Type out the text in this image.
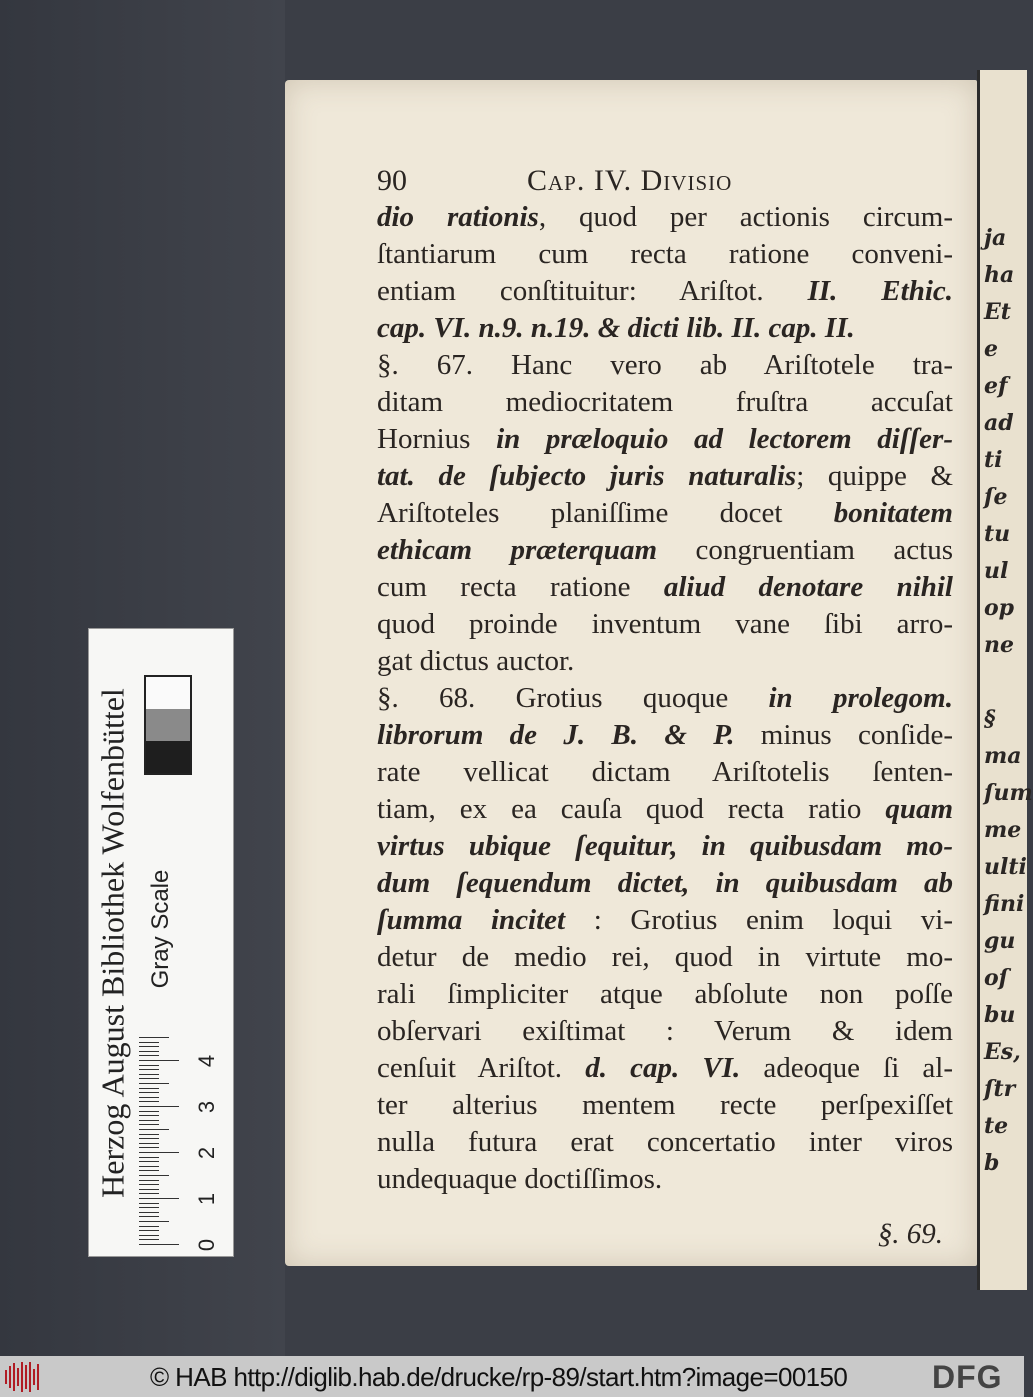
ja
ha
Et
e
ef
ad
ti
ſe
tu
ul
op
ne
§
ma
ſum
me
ulti
fini
gu
oſ
bu
Es,
ſtr
te
b
90	Cap. IV. Divisio
dio rationis, quod per actionis circum-
ſtantiarum cum recta ratione conveni-
entiam conſtituitur: Ariſtot. II. Ethic.
cap. VI. n.9. n.19. & dicti lib. II. cap. II.
§. 67. Hanc vero ab Ariſtotele tra-
ditam mediocritatem fruſtra accuſat
Hornius in præloquio ad lectorem diſſer-
tat. de ſubjecto juris naturalis; quippe &
Ariſtoteles planiſſime docet bonitatem
ethicam præterquam congruentiam actus
cum recta ratione aliud denotare nihil
quod proinde inventum vane ſibi arro-
gat dictus auctor.
§. 68. Grotius quoque in prolegom.
librorum de J. B. & P. minus conſide-
rate vellicat dictam Ariſtotelis ſenten-
tiam, ex ea cauſa quod recta ratio quam
virtus ubique ſequitur, in quibusdam mo-
dum ſequendum dictet, in quibusdam ab
ſumma incitet : Grotius enim loqui vi-
detur de medio rei, quod in virtute mo-
rali ſimpliciter atque abſolute non poſſe
obſervari exiſtimat : Verum & idem
cenſuit Ariſtot. d. cap. VI. adeoque ſi al-
ter alterius mentem recte perſpexiſſet
nulla futura erat concertatio inter viros
undequaque doctiſſimos.
§. 69.
Herzog August Bibliothek Wolfenbüttel Gray Scale
0
1
2
3
4
© HAB http://diglib.hab.de/drucke/rp-89/start.htm?image=00150	DFG
